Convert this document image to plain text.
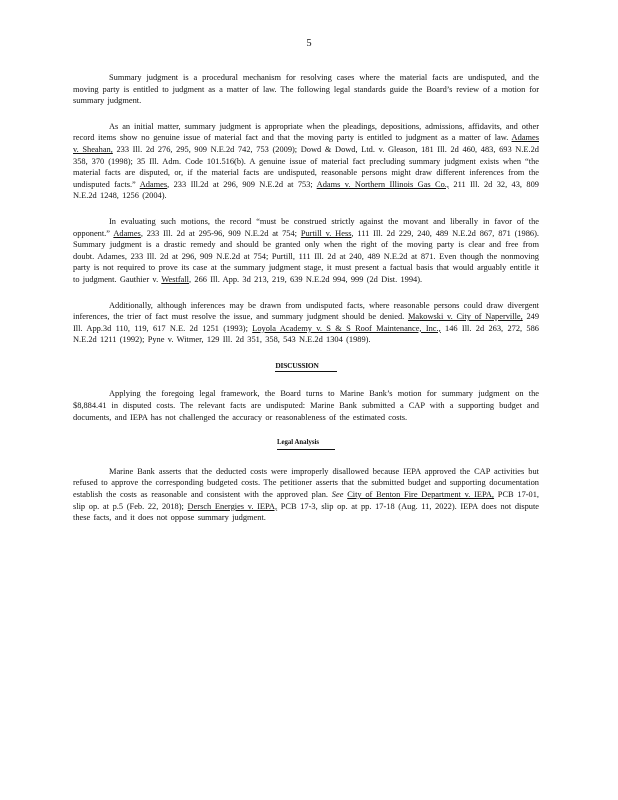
5

Summary judgment is a procedural mechanism for resolving cases where the material facts are undisputed, and the moving party is entitled to judgment as a matter of law. The following legal standards guide the Board’s review of a motion for summary judgment.

As an initial matter, summary judgment is appropriate when the pleadings, depositions, admissions, affidavits, and other record items show no genuine issue of material fact and that the moving party is entitled to judgment as a matter of law. Adames v. Sheahan, 233 Ill. 2d 276, 295, 909 N.E.2d 742, 753 (2009); Dowd & Dowd, Ltd. v. Gleason, 181 Ill. 2d 460, 483, 693 N.E.2d 358, 370 (1998); 35 Ill. Adm. Code 101.516(b). A genuine issue of material fact precluding summary judgment exists when “the material facts are disputed, or, if the material facts are undisputed, reasonable persons might draw different inferences from the undisputed facts.” Adames, 233 Ill.2d at 296, 909 N.E.2d at 753; Adams v. Northern Illinois Gas Co., 211 Ill. 2d 32, 43, 809 N.E.2d 1248, 1256 (2004).

In evaluating such motions, the record “must be construed strictly against the movant and liberally in favor of the opponent.” Adames, 233 Ill. 2d at 295-96, 909 N.E.2d at 754; Purtill v. Hess, 111 Ill. 2d 229, 240, 489 N.E.2d 867, 871 (1986). Summary judgment is a drastic remedy and should be granted only when the right of the moving party is clear and free from doubt. Adames, 233 Ill. 2d at 296, 909 N.E.2d at 754; Purtill, 111 Ill. 2d at 240, 489 N.E.2d at 871. Even though the nonmoving party is not required to prove its case at the summary judgment stage, it must present a factual basis that would arguably entitle it to judgment. Gauthier v. Westfall, 266 Ill. App. 3d 213, 219, 639 N.E.2d 994, 999 (2d Dist. 1994).

Additionally, although inferences may be drawn from undisputed facts, where reasonable persons could draw divergent inferences, the trier of fact must resolve the issue, and summary judgment should be denied. Makowski v. City of Naperville, 249 Ill. App.3d 110, 119, 617 N.E. 2d 1251 (1993); Loyola Academy v. S & S Roof Maintenance, Inc., 146 Ill. 2d 263, 272, 586 N.E.2d 1211 (1992); Pyne v. Witmer, 129 Ill. 2d 351, 358, 543 N.E.2d 1304 (1989).

DISCUSSION

Applying the foregoing legal framework, the Board turns to Marine Bank’s motion for summary judgment on the $8,884.41 in disputed costs. The relevant facts are undisputed: Marine Bank submitted a CAP with a supporting budget and documents, and IEPA has not challenged the accuracy or reasonableness of the estimated costs.

Legal Analysis

Marine Bank asserts that the deducted costs were improperly disallowed because IEPA approved the CAP activities but refused to approve the corresponding budgeted costs. The petitioner asserts that the submitted budget and supporting documentation establish the costs as reasonable and consistent with the approved plan. See City of Benton Fire Department v. IEPA, PCB 17-01, slip op. at p.5 (Feb. 22, 2018); Dersch Energies v. IEPA, PCB 17-3, slip op. at pp. 17-18 (Aug. 11, 2022). IEPA does not dispute these facts, and it does not oppose summary judgment.
